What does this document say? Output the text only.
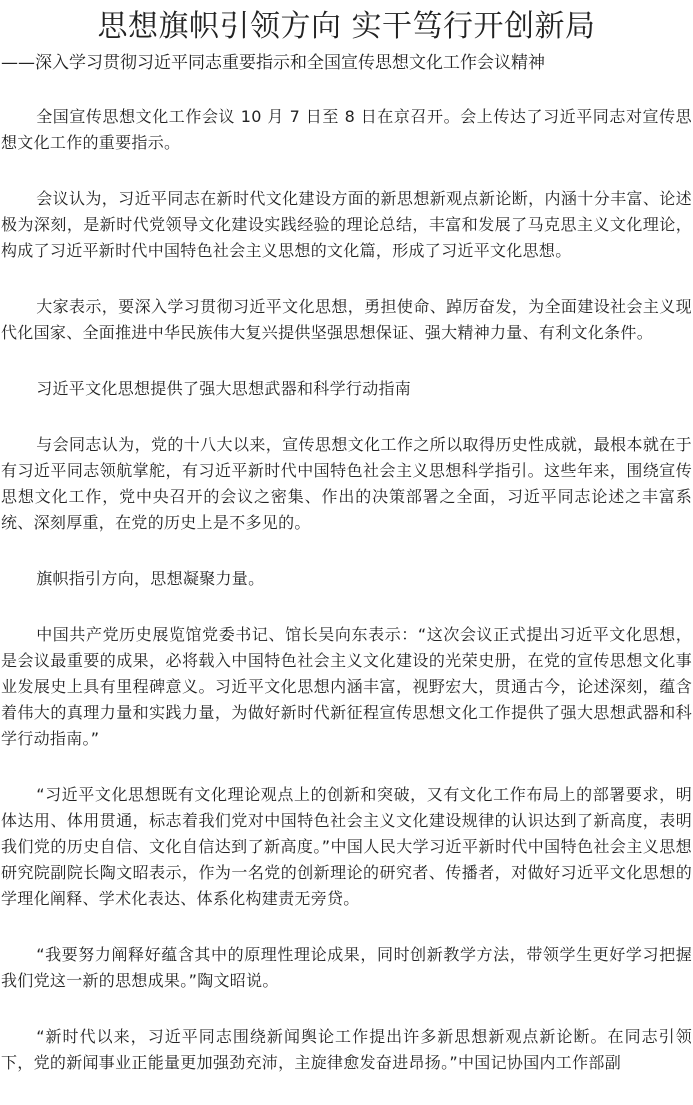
思想旗帜引领方向 实干笃行开创新局
——深入学习贯彻习近平同志重要指示和全国宣传思想文化工作会议精神

全国宣传思想文化工作会议 10 月 7 日至 8 日在京召开。会上传达了习近平同志对宣传思想文化工作的重要指示。

会议认为，习近平同志在新时代文化建设方面的新思想新观点新论断，内涵十分丰富、论述极为深刻，是新时代党领导文化建设实践经验的理论总结，丰富和发展了马克思主义文化理论，构成了习近平新时代中国特色社会主义思想的文化篇，形成了习近平文化思想。

大家表示，要深入学习贯彻习近平文化思想，勇担使命、踔厉奋发，为全面建设社会主义现代化国家、全面推进中华民族伟大复兴提供坚强思想保证、强大精神力量、有利文化条件。

习近平文化思想提供了强大思想武器和科学行动指南

与会同志认为，党的十八大以来，宣传思想文化工作之所以取得历史性成就，最根本就在于有习近平同志领航掌舵，有习近平新时代中国特色社会主义思想科学指引。这些年来，围绕宣传思想文化工作，党中央召开的会议之密集、作出的决策部署之全面，习近平同志论述之丰富系统、深刻厚重，在党的历史上是不多见的。

旗帜指引方向，思想凝聚力量。

中国共产党历史展览馆党委书记、馆长吴向东表示：“这次会议正式提出习近平文化思想，是会议最重要的成果，必将载入中国特色社会主义文化建设的光荣史册，在党的宣传思想文化事业发展史上具有里程碑意义。习近平文化思想内涵丰富，视野宏大，贯通古今，论述深刻，蕴含着伟大的真理力量和实践力量，为做好新时代新征程宣传思想文化工作提供了强大思想武器和科学行动指南。”

“习近平文化思想既有文化理论观点上的创新和突破，又有文化工作布局上的部署要求，明体达用、体用贯通，标志着我们党对中国特色社会主义文化建设规律的认识达到了新高度，表明我们党的历史自信、文化自信达到了新高度。”中国人民大学习近平新时代中国特色社会主义思想研究院副院长陶文昭表示，作为一名党的创新理论的研究者、传播者，对做好习近平文化思想的学理化阐释、学术化表达、体系化构建责无旁贷。

“我要努力阐释好蕴含其中的原理性理论成果，同时创新教学方法，带领学生更好学习把握我们党这一新的思想成果。”陶文昭说。

“新时代以来，习近平同志围绕新闻舆论工作提出许多新思想新观点新论断。在同志引领下，党的新闻事业正能量更加强劲充沛，主旋律愈发奋进昂扬。”中国记协国内工作部副
